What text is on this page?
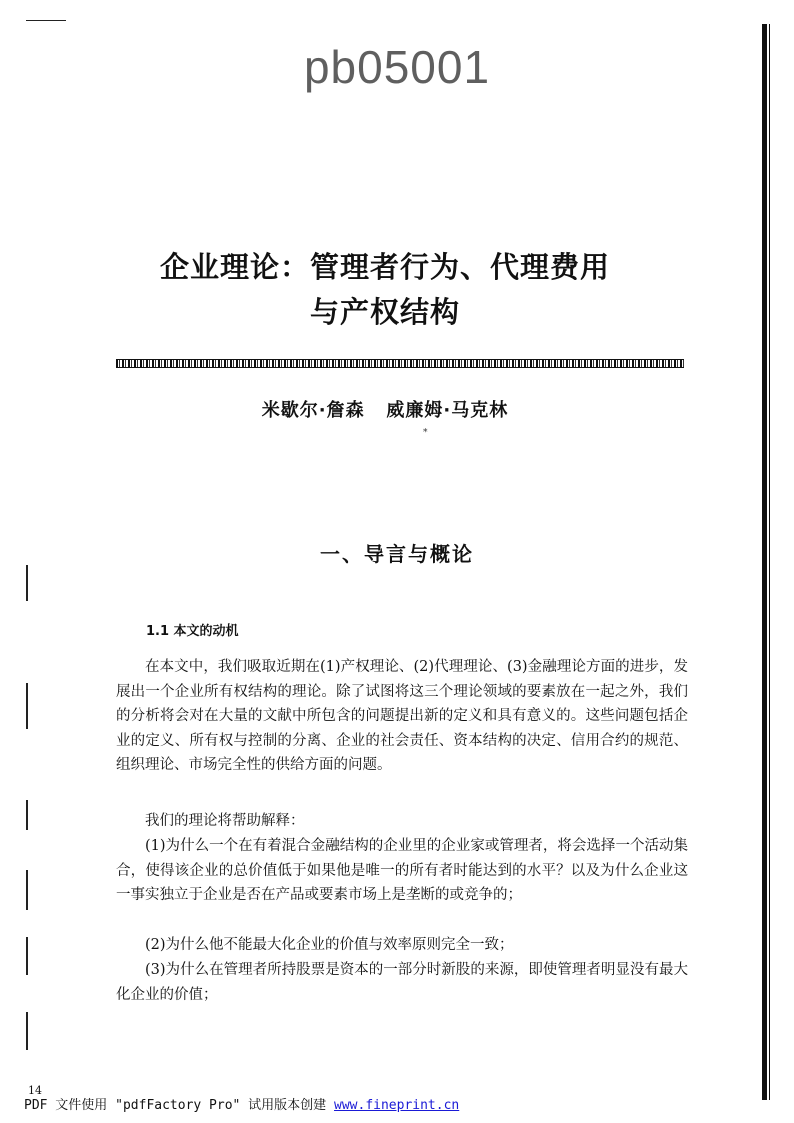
pb05001
企业理论：管理者行为、代理费用
与产权结构
米歇尔·詹森   威廉姆·马克林
*
一、导言与概论
1.1 本文的动机

在本文中，我们吸取近期在(1)产权理论、(2)代理理论、(3)金融理论方面的进步，发展出一个企业所有权结构的理论。除了试图将这三个理论领域的要素放在一起之外，我们的分析将会对在大量的文献中所包含的问题提出新的定义和具有意义的。这些问题包括企业的定义、所有权与控制的分离、企业的社会责任、资本结构的决定、信用合约的规范、组织理论、市场完全性的供给方面的问题。

我们的理论将帮助解释：

(1)为什么一个在有着混合金融结构的企业里的企业家或管理者，将会选择一个活动集合，使得该企业的总价值低于如果他是唯一的所有者时能达到的水平？以及为什么企业这一事实独立于企业是否在产品或要素市场上是垄断的或竞争的；

(2)为什么他不能最大化企业的价值与效率原则完全一致；

(3)为什么在管理者所持股票是资本的一部分时新股的来源，即使管理者明显没有最大化企业的价值；

14
PDF 文件使用 "pdfFactory Pro" 试用版本创建 www.fineprint.cn
